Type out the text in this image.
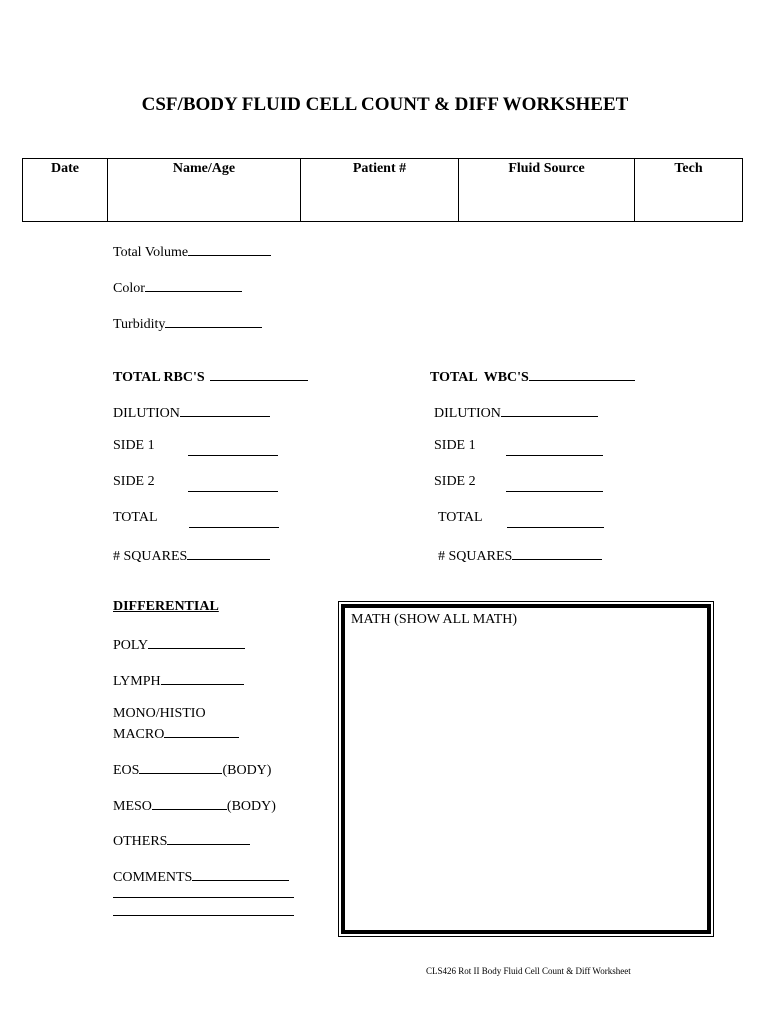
CSF/BODY FLUID CELL COUNT & DIFF WORKSHEET
Date	Name/Age	Patient #	Fluid Source	Tech
Total Volume
Color
Turbidity
TOTAL RBC'S
DILUTION
SIDE 1
SIDE 2
TOTAL
# SQUARES
TOTAL  WBC'S
DILUTION
SIDE 1
SIDE 2
TOTAL
# SQUARES
DIFFERENTIAL
POLY
LYMPH
MONO/HISTIO
MACRO
EOS	(BODY)
MESO	(BODY)
OTHERS
COMMENTS
MATH (SHOW ALL MATH)
CLS426 Rot II Body Fluid Cell Count & Diff Worksheet
